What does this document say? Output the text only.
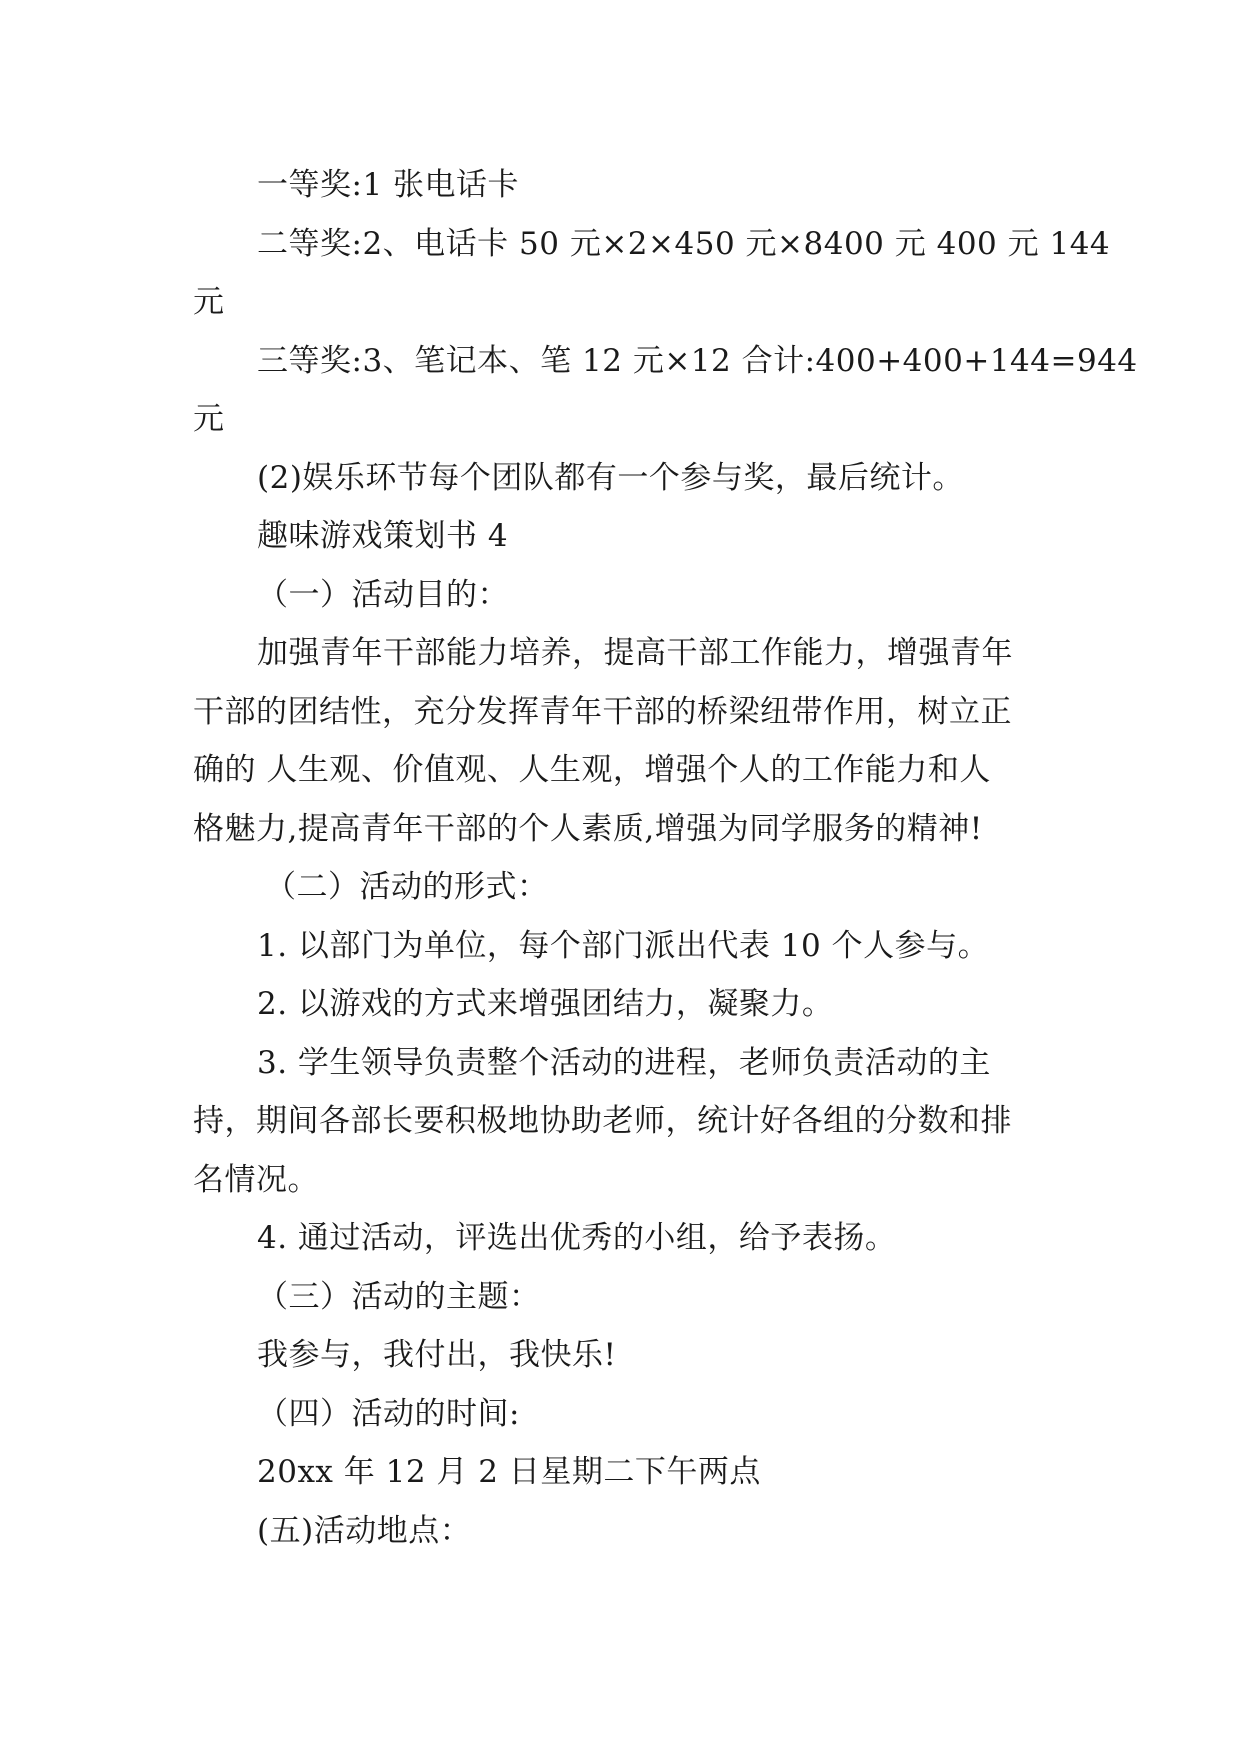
一等奖:1 张电话卡
二等奖:2、电话卡 50 元×2×450 元×8400 元 400 元 144
元
三等奖:3、笔记本、笔 12 元×12 合计:400+400+144=944
元
(2)娱乐环节每个团队都有一个参与奖，最后统计。
趣味游戏策划书 4
（一）活动目的：
加强青年干部能力培养，提高干部工作能力，增强青年
干部的团结性，充分发挥青年干部的桥梁纽带作用，树立正
确的 人生观、价值观、人生观，增强个人的工作能力和人
格魅力,提高青年干部的个人素质,增强为同学服务的精神!
（二）活动的形式：
1. 以部门为单位，每个部门派出代表 10 个人参与。
2. 以游戏的方式来增强团结力，凝聚力。
3. 学生领导负责整个活动的进程，老师负责活动的主
持，期间各部长要积极地协助老师，统计好各组的分数和排
名情况。
4. 通过活动，评选出优秀的小组，给予表扬。
（三）活动的主题：
我参与，我付出，我快乐!
（四）活动的时间:
20xx 年 12 月 2 日星期二下午两点
(五)活动地点：
